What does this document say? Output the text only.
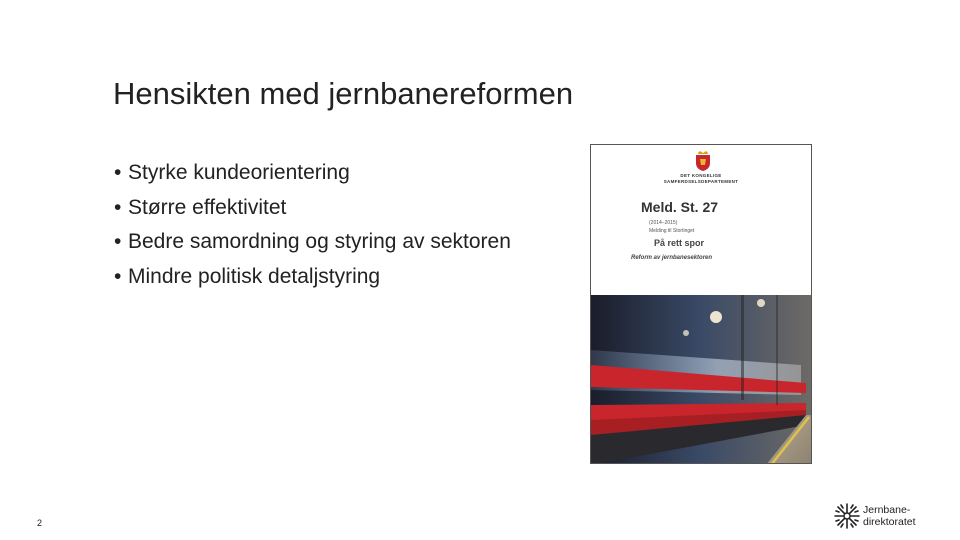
Hensikten med jernbanereformen
• Styrke kundeorientering
• Større effektivitet
• Bedre samordning og styring av sektoren
• Mindre politisk detaljstyring
DET KONGELIGE
SAMFERDSELSDEPARTEMENT
Meld. St. 27
(2014–2015)
Melding til Stortinget
På rett spor
Reform av jernbanesektoren
2
Jernbane-
direktoratet
